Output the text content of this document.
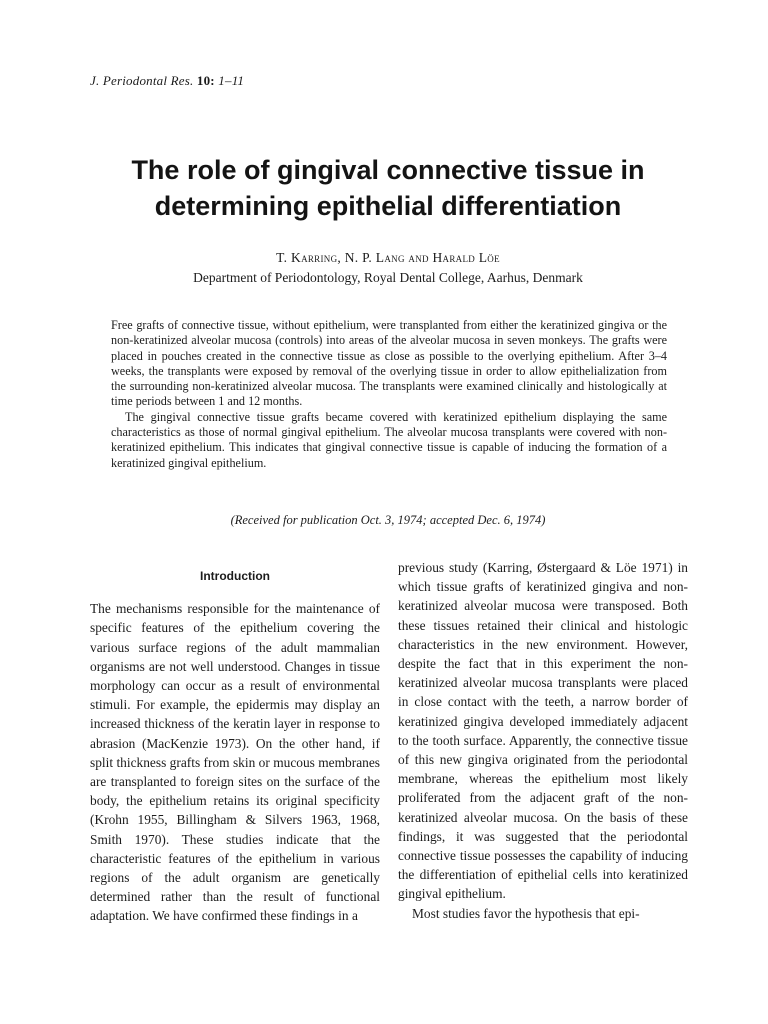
J. Periodontal Res. 10: 1–11
The role of gingival connective tissue in determining epithelial differentiation
T. Karring, N. P. Lang and Harald Löe
Department of Periodontology, Royal Dental College, Aarhus, Denmark

Free grafts of connective tissue, without epithelium, were transplanted from either the keratinized gingiva or the non-keratinized alveolar mucosa (controls) into areas of the alveolar mucosa in seven monkeys. The grafts were placed in pouches created in the connective tissue as close as possible to the overlying epithelium. After 3–4 weeks, the transplants were exposed by removal of the overlying tissue in order to allow epithelialization from the surrounding non-keratinized alveolar mucosa. The transplants were examined clinically and histologically at time periods between 1 and 12 months.

The gingival connective tissue grafts became covered with keratinized epithelium displaying the same characteristics as those of normal gingival epithelium. The alveolar mucosa transplants were covered with non-keratinized epithelium. This indicates that gingival connective tissue is capable of inducing the formation of a keratinized gingival epithelium.

(Received for publication Oct. 3, 1974; accepted Dec. 6, 1974)
Introduction

The mechanisms responsible for the maintenance of specific features of the epithelium covering the various surface regions of the adult mammalian organisms are not well understood. Changes in tissue morphology can occur as a result of environmental stimuli. For example, the epidermis may display an increased thickness of the keratin layer in response to abrasion (MacKenzie 1973). On the other hand, if split thickness grafts from skin or mucous membranes are transplanted to foreign sites on the surface of the body, the epithelium retains its original specificity (Krohn 1955, Billingham & Silvers 1963, 1968, Smith 1970). These studies indicate that the characteristic features of the epithelium in various regions of the adult organism are genetically determined rather than the result of functional adaptation. We have confirmed these findings in a

previous study (Karring, Østergaard & Löe 1971) in which tissue grafts of keratinized gingiva and non-keratinized alveolar mucosa were transposed. Both these tissues retained their clinical and histologic characteristics in the new environment. However, despite the fact that in this experiment the non-keratinized alveolar mucosa transplants were placed in close contact with the teeth, a narrow border of keratinized gingiva developed immediately adjacent to the tooth surface. Apparently, the connective tissue of this new gingiva originated from the periodontal membrane, whereas the epithelium most likely proliferated from the adjacent graft of the non-keratinized alveolar mucosa. On the basis of these findings, it was suggested that the periodontal connective tissue possesses the capability of inducing the differentiation of epithelial cells into keratinized gingival epithelium.

Most studies favor the hypothesis that epi-
